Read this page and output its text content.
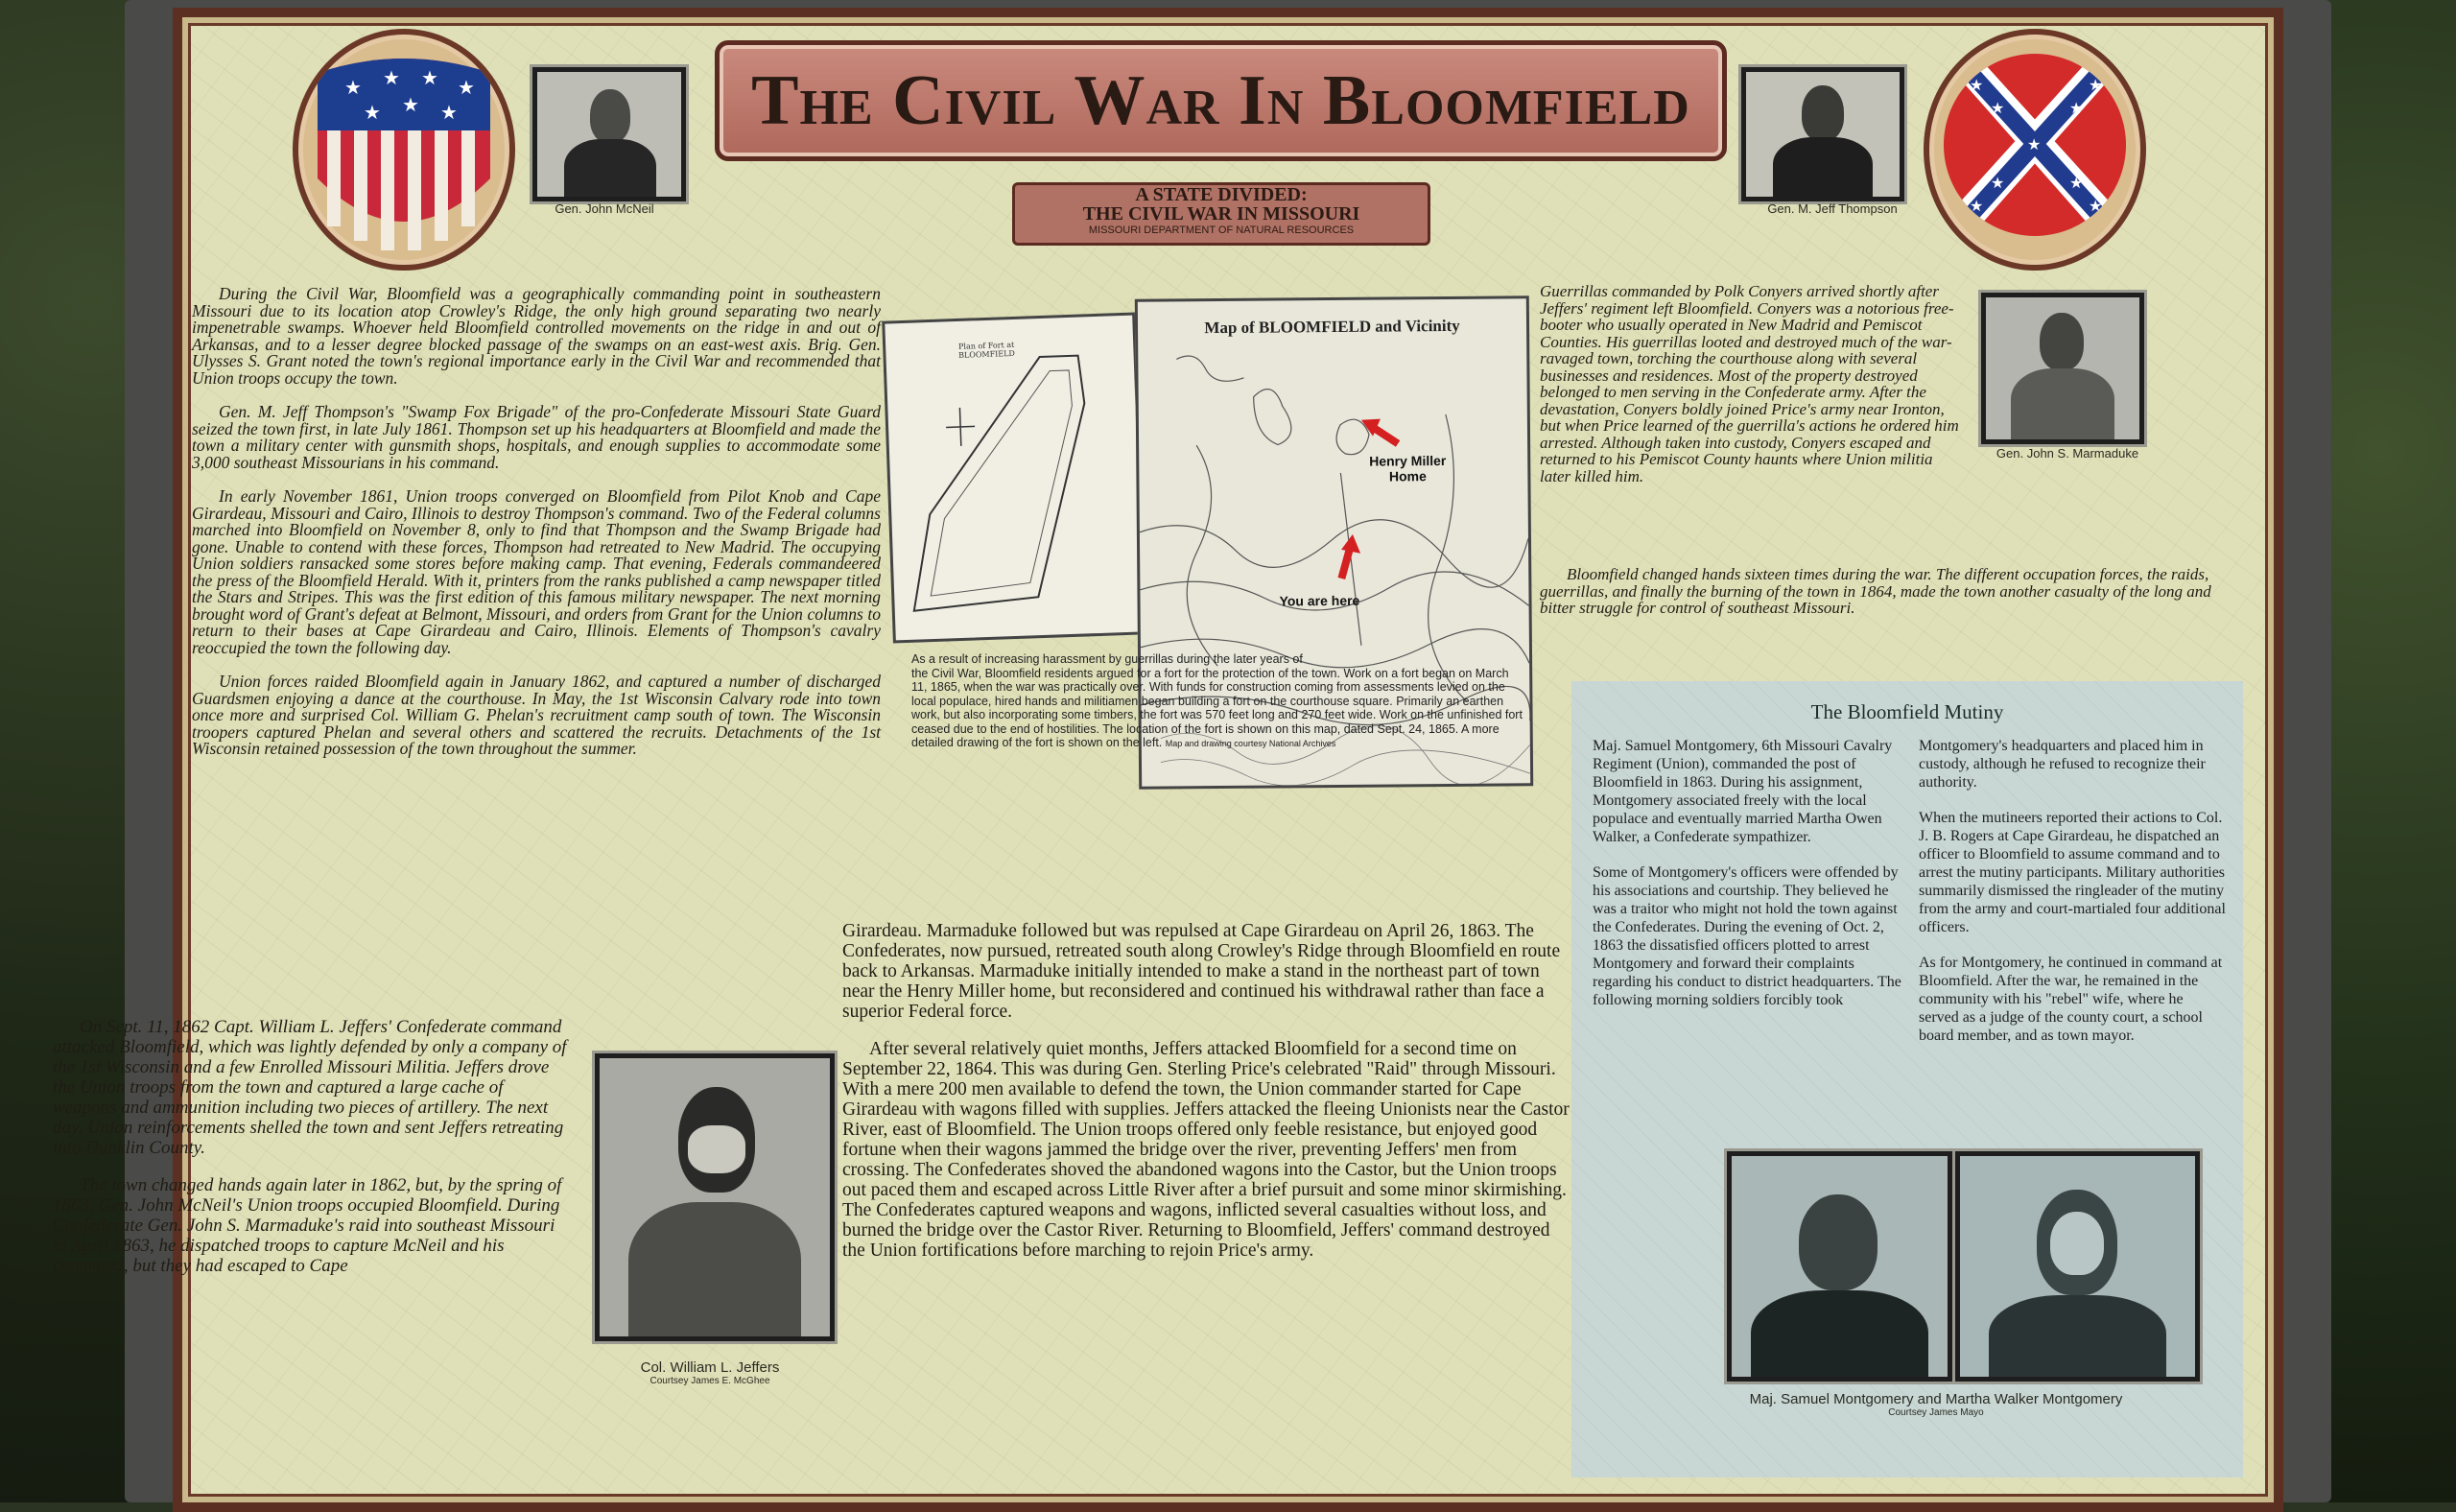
★ ★ ★ ★
★ ★ ★
Gen. John McNeil
The Civil War In Bloomfield
A STATE DIVIDED:
THE CIVIL WAR IN MISSOURI
MISSOURI DEPARTMENT OF NATURAL RESOURCES
Gen. M. Jeff Thompson
★
★
★
★
★
★	★
★	★
Gen. John S. Marmaduke

During the Civil War, Bloomfield was a geographically commanding point in southeastern Missouri due to its location atop Crowley's Ridge, the only high ground separating two nearly impenetrable swamps. Whoever held Bloomfield controlled movements on the ridge in and out of Arkansas, and to a lesser degree blocked passage of the swamps on an east-west axis. Brig. Gen. Ulysses S. Grant noted the town's regional importance early in the Civil War and recommended that Union troops occupy the town.

Gen. M. Jeff Thompson's "Swamp Fox Brigade" of the pro-Confederate Missouri State Guard seized the town first, in late July 1861. Thompson set up his headquarters at Bloomfield and made the town a military center with gunsmith shops, hospitals, and enough supplies to accommodate some 3,000 southeast Missourians in his command.

In early November 1861, Union troops converged on Bloomfield from Pilot Knob and Cape Girardeau, Missouri and Cairo, Illinois to destroy Thompson's command. Two of the Federal columns marched into Bloomfield on November 8, only to find that Thompson and the Swamp Brigade had gone. Unable to contend with these forces, Thompson had retreated to New Madrid. The occupying Union soldiers ransacked some stores before making camp. That evening, Federals commandeered the press of the Bloomfield Herald. With it, printers from the ranks published a camp newspaper titled the Stars and Stripes. This was the first edition of this famous military newspaper. The next morning brought word of Grant's defeat at Belmont, Missouri, and orders from Grant for the Union columns to return to their bases at Cape Girardeau and Cairo, Illinois. Elements of Thompson's cavalry reoccupied the town the following day.

Union forces raided Bloomfield again in January 1862, and captured a number of discharged Guardsmen enjoying a dance at the courthouse. In May, the 1st Wisconsin Calvary rode into town once more and surprised Col. William G. Phelan's recruitment camp south of town. The Wisconsin troopers captured Phelan and several others and scattered the recruits. Detachments of the 1st Wisconsin retained possession of the town throughout the summer.

On Sept. 11, 1862 Capt. William L. Jeffers' Confederate command attacked Bloomfield, which was lightly defended by only a company of the 1st Wisconsin and a few Enrolled Missouri Militia. Jeffers drove the Union troops from the town and captured a large cache of weapons and ammunition including two pieces of artillery. The next day, Union reinforcements shelled the town and sent Jeffers retreating into Dunklin County.

The town changed hands again later in 1862, but, by the spring of 1863, Gen. John McNeil's Union troops occupied Bloomfield. During Confederate Gen. John S. Marmaduke's raid into southeast Missouri in April 1863, he dispatched troops to capture McNeil and his command, but they had escaped to Cape

Col. William L. Jeffers
Courtsey James E. McGhee
Plan of Fort at BLOOMFIELD
Map of BLOOMFIELD and Vicinity
Henry Miller Home
You are here
As a result of increasing harassment by guerrillas during the later years of the Civil War, Bloomfield residents argued for a fort for the protection of the town. Work on a fort began on March 11, 1865, when the war was practically over. With funds for construction coming from assessments levied on the local populace, hired hands and militiamen began building a fort on the courthouse square. Primarily an earthen work, but also incorporating some timbers, the fort was 570 feet long and 270 feet wide. Work on the unfinished fort ceased due to the end of hostilities. The location of the fort is shown on this map, dated Sept. 24, 1865. A more detailed drawing of the fort is shown on the left. Map and drawing courtesy National Archives

Girardeau. Marmaduke followed but was repulsed at Cape Girardeau on April 26, 1863. The Confederates, now pursued, retreated south along Crowley's Ridge through Bloomfield en route back to Arkansas. Marmaduke initially intended to make a stand in the northeast part of town near the Henry Miller home, but reconsidered and continued his withdrawal rather than face a superior Federal force.

After several relatively quiet months, Jeffers attacked Bloomfield for a second time on September 22, 1864. This was during Gen. Sterling Price's celebrated "Raid" through Missouri. With a mere 200 men available to defend the town, the Union commander started for Cape Girardeau with wagons filled with supplies. Jeffers attacked the fleeing Unionists near the Castor River, east of Bloomfield. The Union troops offered only feeble resistance, but enjoyed good fortune when their wagons jammed the bridge over the river, preventing Jeffers' men from crossing. The Confederates shoved the abandoned wagons into the Castor, but the Union troops out paced them and escaped across Little River after a brief pursuit and some minor skirmishing. The Confederates captured weapons and wagons, inflicted several casualties without loss, and burned the bridge over the Castor River. Returning to Bloomfield, Jeffers' command destroyed the Union fortifications before marching to rejoin Price's army.

Guerrillas commanded by Polk Conyers arrived shortly after Jeffers' regiment left Bloomfield. Conyers was a notorious free-booter who usually operated in New Madrid and Pemiscot Counties. His guerrillas looted and destroyed much of the war-ravaged town, torching the courthouse along with several businesses and residences. Most of the property destroyed belonged to men serving in the Confederate army. After the devastation, Conyers boldly joined Price's army near Ironton, but when Price learned of the guerrilla's actions he ordered him arrested. Although taken into custody, Conyers escaped and returned to his Pemiscot County haunts where Union militia later killed him.

Bloomfield changed hands sixteen times during the war. The different occupation forces, the raids, guerrillas, and finally the burning of the town in 1864, made the town another casualty of the long and bitter struggle for control of southeast Missouri.

The Bloomfield Mutiny

Maj. Samuel Montgomery, 6th Missouri Cavalry Regiment (Union), commanded the post of Bloomfield in 1863. During his assignment, Montgomery associated freely with the local populace and eventually married Martha Owen Walker, a Confederate sympathizer.

Some of Montgomery's officers were offended by his associations and courtship. They believed he was a traitor who might not hold the town against the Confederates. During the evening of Oct. 2, 1863 the dissatisfied officers plotted to arrest Montgomery and forward their complaints regarding his conduct to district headquarters. The following morning soldiers forcibly took

Montgomery's headquarters and placed him in custody, although he refused to recognize their authority.

When the mutineers reported their actions to Col. J. B. Rogers at Cape Girardeau, he dispatched an officer to Bloomfield to assume command and to arrest the mutiny participants. Military authorities summarily dismissed the ringleader of the mutiny from the army and court-martialed four additional officers.

As for Montgomery, he continued in command at Bloomfield. After the war, he remained in the community with his "rebel" wife, where he served as a judge of the county court, a school board member, and as town mayor.

Maj. Samuel Montgomery and Martha Walker Montgomery
Courtsey James Mayo
